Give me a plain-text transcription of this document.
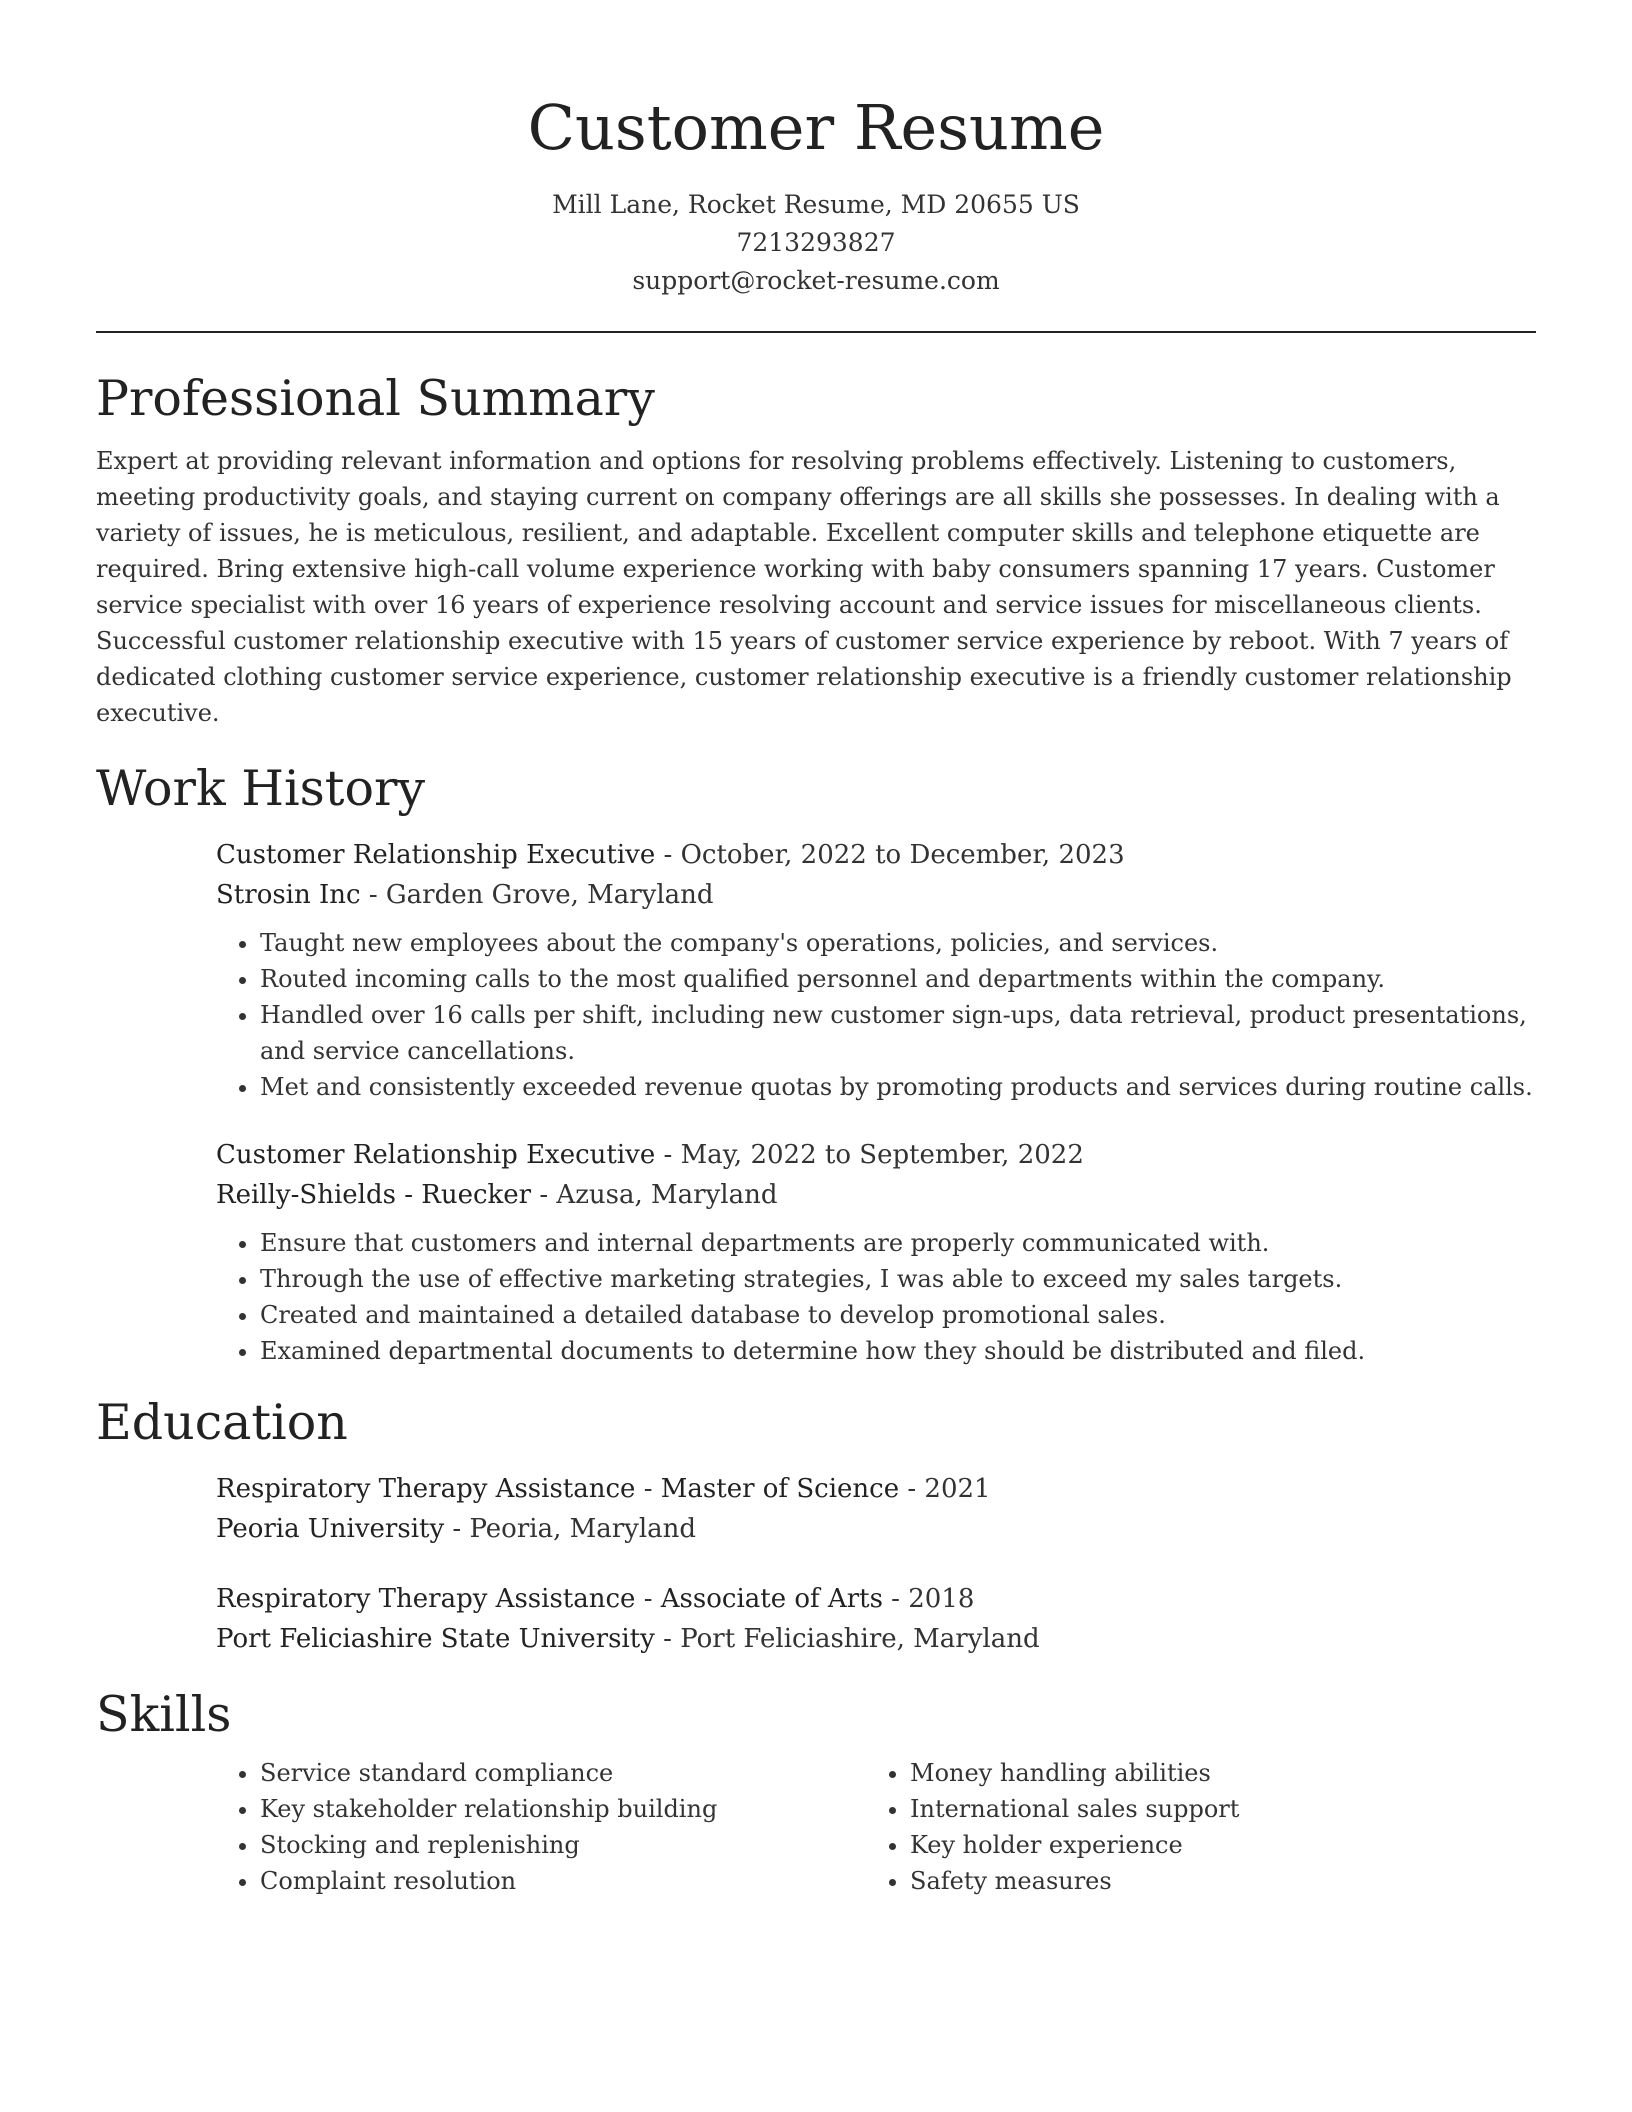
Customer Resume
Mill Lane, Rocket Resume, MD 20655 US
7213293827
support@rocket-resume.com
Professional Summary

Expert at providing relevant information and options for resolving problems effectively. Listening to customers, meeting productivity goals, and staying current on company offerings are all skills she possesses. In dealing with a variety of issues, he is meticulous, resilient, and adaptable. Excellent computer skills and telephone etiquette are required. Bring extensive high-call volume experience working with baby consumers spanning 17 years. Customer service specialist with over 16 years of experience resolving account and service issues for miscellaneous clients. Successful customer relationship executive with 15 years of customer service experience by reboot. With 7 years of dedicated clothing customer service experience, customer relationship executive is a friendly customer relationship executive.

Work History
Customer Relationship Executive - October, 2022 to December, 2023
Strosin Inc - Garden Grove, Maryland
• Taught new employees about the company's operations, policies, and services.
• Routed incoming calls to the most qualified personnel and departments within the company.
• Handled over 16 calls per shift, including new customer sign-ups, data retrieval, product presentations, and service cancellations.
• Met and consistently exceeded revenue quotas by promoting products and services during routine calls.
Customer Relationship Executive - May, 2022 to September, 2022
Reilly-Shields - Ruecker - Azusa, Maryland
• Ensure that customers and internal departments are properly communicated with.
• Through the use of effective marketing strategies, I was able to exceed my sales targets.
• Created and maintained a detailed database to develop promotional sales.
• Examined departmental documents to determine how they should be distributed and filed.
Education
Respiratory Therapy Assistance - Master of Science - 2021
Peoria University - Peoria, Maryland
Respiratory Therapy Assistance - Associate of Arts - 2018
Port Feliciashire State University - Port Feliciashire, Maryland
Skills
• Service standard compliance
• Key stakeholder relationship building
• Stocking and replenishing
• Complaint resolution
• Money handling abilities
• International sales support
• Key holder experience
• Safety measures
